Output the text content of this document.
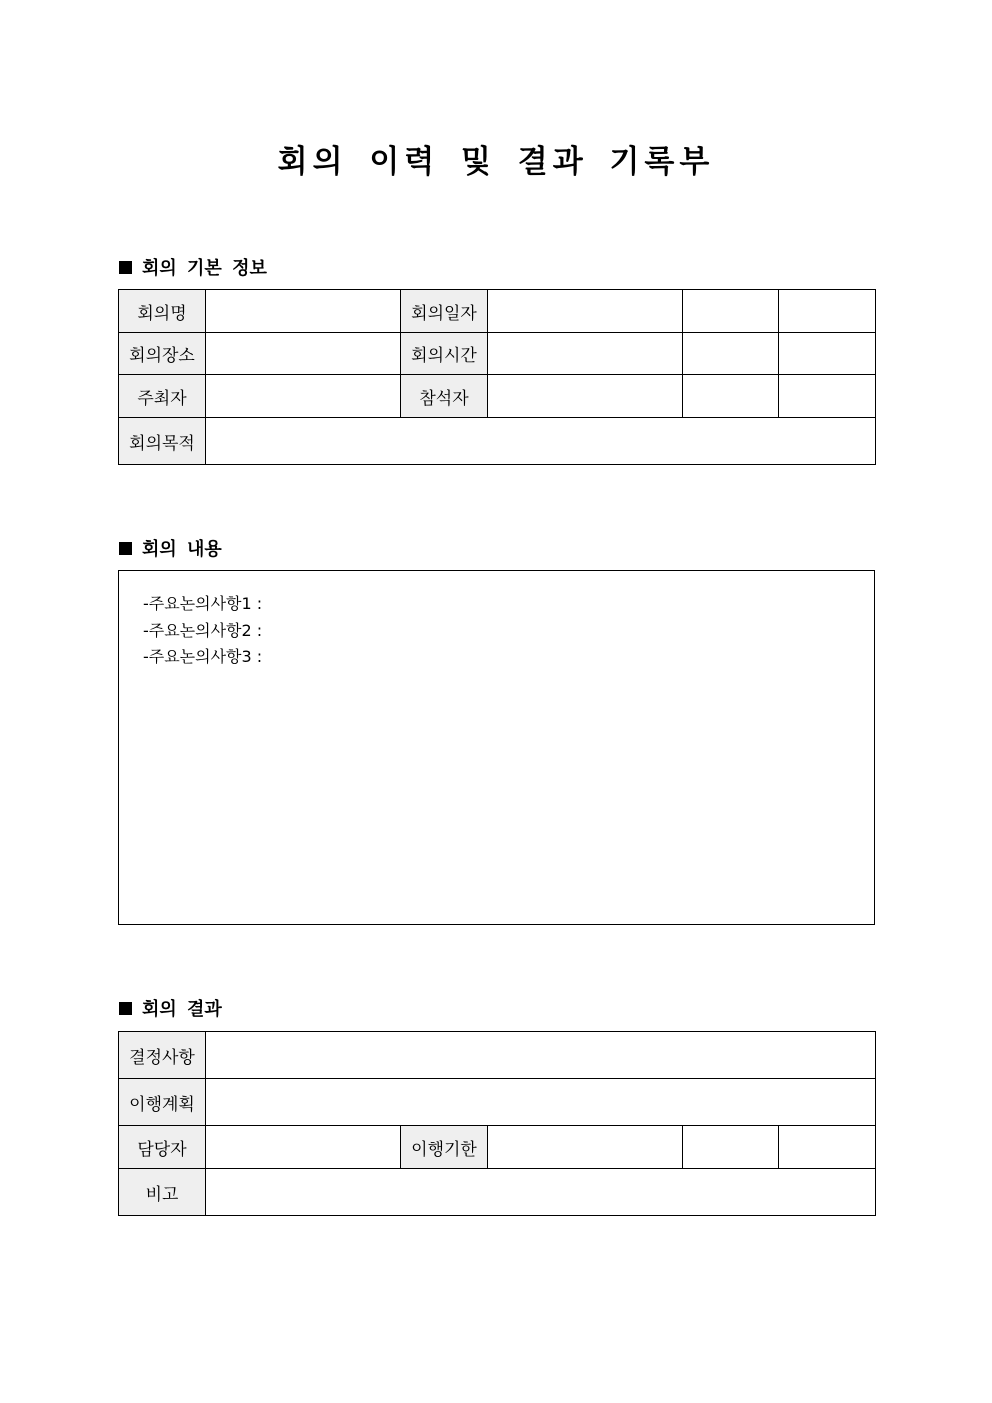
회의 이력 및 결과 기록부
회의 기본 정보
회의명		회의일자			
회의장소		회의시간			
주최자		참석자			
회의목적					
회의 내용
-주요논의사항1 :
-주요논의사항2 :
-주요논의사항3 :
회의 결과
결정사항					
이행계획					
담당자		이행기한			
비고					
